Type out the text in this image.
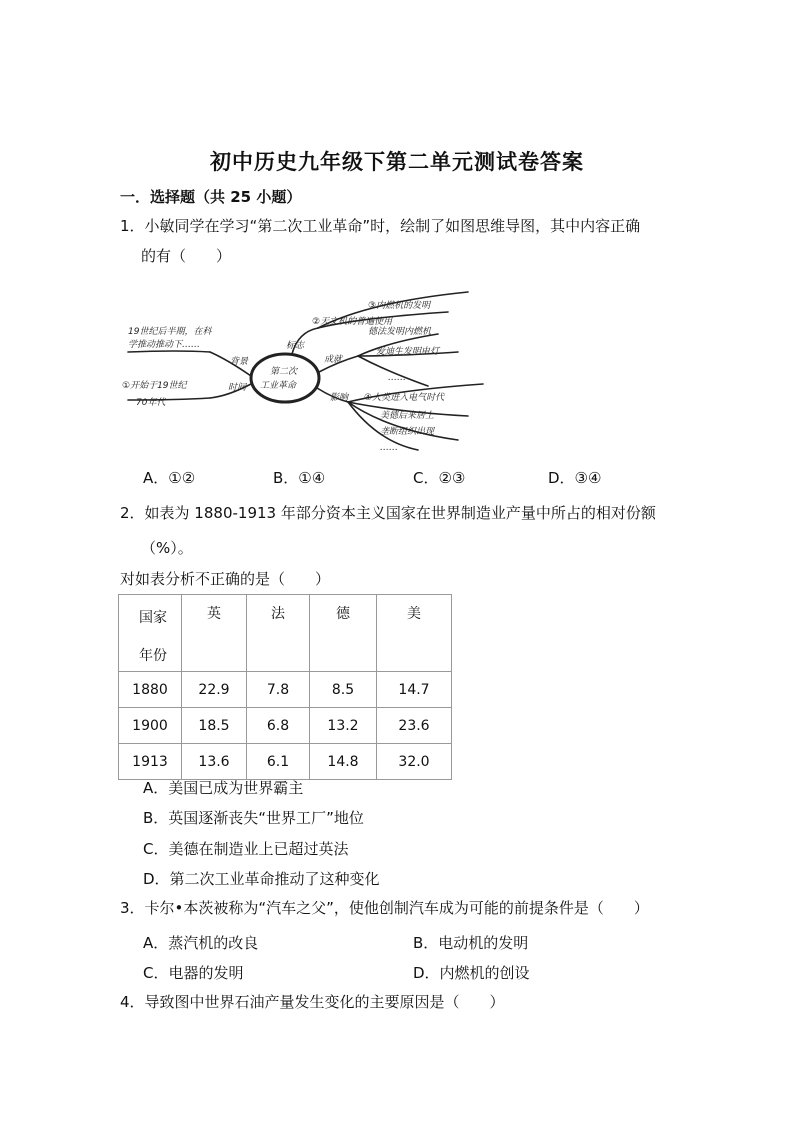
初中历史九年级下第二单元测试卷答案
一．选择题（共 25 小题）
1．小敏同学在学习“第二次工业革命”时，绘制了如图思维导图，其中内容正确
的有（　　）
第二次
工业革命
19世纪后半期，在科
学推动推动下……
①开始于19世纪
70年代
背景
时间
标志
成就
影响
②天文机的普遍使用
③内燃机的发明
德法发明内燃机
爱迪生发明电灯
……
④人类进入电气时代
美德后来居上
垄断组织出现
……
A．①②	B．①④	C．②③	D．③④
2．如表为 1880-1913 年部分资本主义国家在世界制造业产量中所占的相对份额
（%）。
对如表分析不正确的是（　　）
国家
年份	英	法	德	美

1880	22.9	7.8	8.5	14.7
1900	18.5	6.8	13.2	23.6
1913	13.6	6.1	14.8	32.0
A．美国已成为世界霸主
B．英国逐渐丧失“世界工厂”地位
C．美德在制造业上已超过英法
D．第二次工业革命推动了这种变化
3．卡尔•本茨被称为“汽车之父”，使他创制汽车成为可能的前提条件是（　　）
A．蒸汽机的改良	B．电动机的发明
C．电器的发明	D．内燃机的创设
4．导致图中世界石油产量发生变化的主要原因是（　　）
